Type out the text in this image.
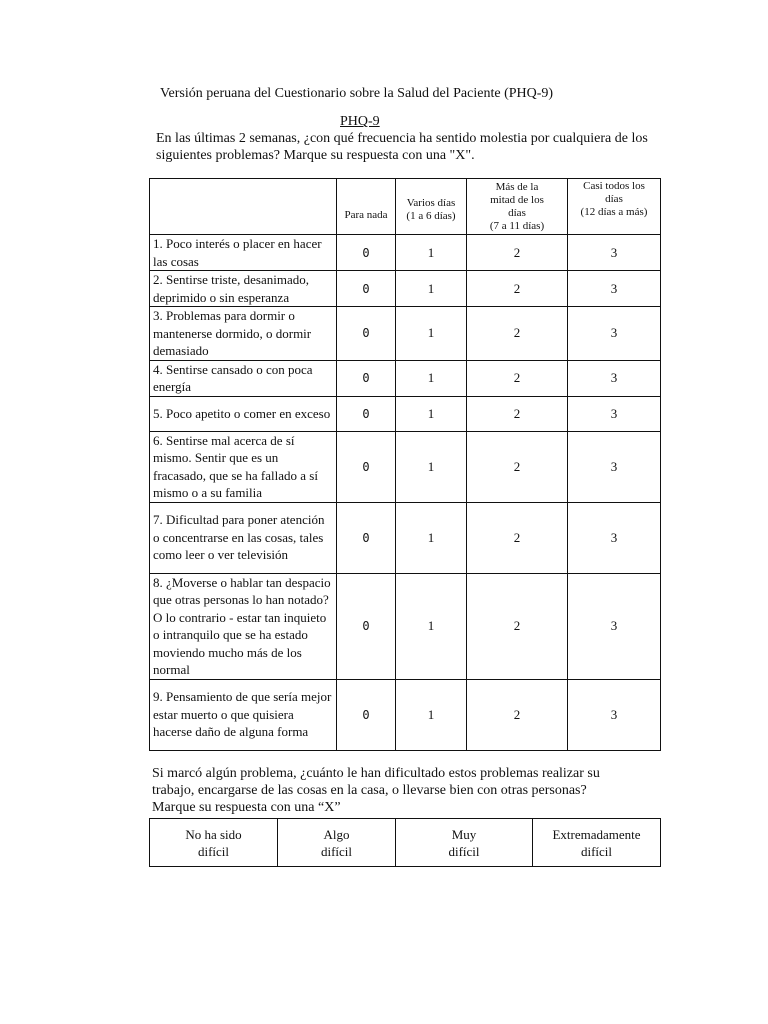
Versión peruana del Cuestionario sobre la Salud del Paciente (PHQ-9)
PHQ-9
En las últimas 2 semanas, ¿con qué frecuencia ha sentido molestia por cualquiera de los siguientes problemas? Marque su respuesta con una "X".
	Para nada	Varios días
(1 a 6 días)	Más de la
mitad de los
días
(7 a 11 días)	Casi todos los
días
(12 días a más)
1. Poco interés o placer en hacer las cosas	0	1	2	3
2. Sentirse triste, desanimado, deprimido o sin esperanza	0	1	2	3
3. Problemas para dormir o mantenerse dormido, o dormir demasiado	0	1	2	3
4. Sentirse cansado o con poca energía	0	1	2	3
5. Poco apetito o comer en exceso	0	1	2	3
6. Sentirse mal acerca de sí mismo. Sentir que es un fracasado, que se ha fallado a sí mismo o a su familia	0	1	2	3
7. Dificultad para poner atención o concentrarse en las cosas, tales como leer o ver televisión	0	1	2	3
8. ¿Moverse o hablar tan despacio que otras personas lo han notado? O lo contrario - estar tan inquieto o intranquilo que se ha estado moviendo mucho más de los normal	0	1	2	3
9. Pensamiento de que sería mejor estar muerto o que quisiera hacerse daño de alguna forma	0	1	2	3
Si marcó algún problema, ¿cuánto le han dificultado estos problemas realizar su trabajo, encargarse de las cosas en la casa, o llevarse bien con otras personas? Marque su respuesta con una “X”
No ha sido
difícil	Algo
difícil	Muy
difícil	Extremadamente
difícil
